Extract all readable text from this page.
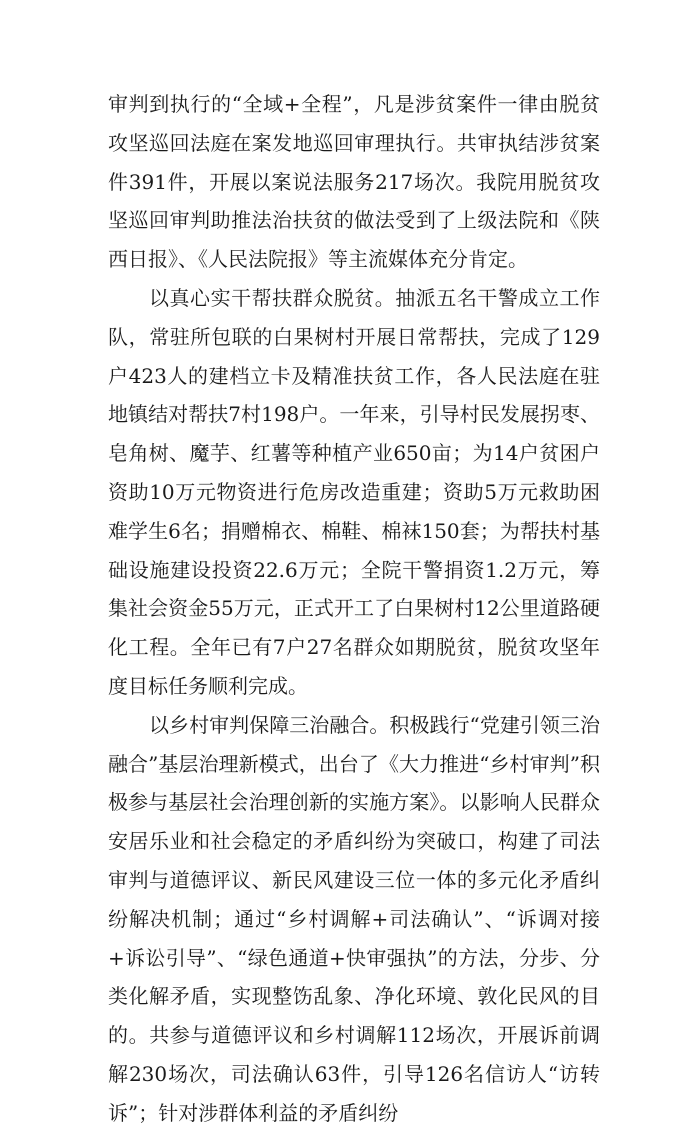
审判到执行的“全域+全程”，凡是涉贫案件一律由脱贫攻坚巡回法庭在案发地巡回审理执行。共审执结涉贫案件391件，开展以案说法服务217场次。我院用脱贫攻坚巡回审判助推法治扶贫的做法受到了上级法院和《陕西日报》、《人民法院报》等主流媒体充分肯定。

以真心实干帮扶群众脱贫。抽派五名干警成立工作队，常驻所包联的白果树村开展日常帮扶，完成了129户423人的建档立卡及精准扶贫工作，各人民法庭在驻地镇结对帮扶7村198户。一年来，引导村民发展拐枣、皂角树、魔芋、红薯等种植产业650亩；为14户贫困户资助10万元物资进行危房改造重建；资助5万元救助困难学生6名；捐赠棉衣、棉鞋、棉袜150套；为帮扶村基础设施建设投资22.6万元；全院干警捐资1.2万元，筹集社会资金55万元，正式开工了白果树村12公里道路硬化工程。全年已有7户27名群众如期脱贫，脱贫攻坚年度目标任务顺利完成。

以乡村审判保障三治融合。积极践行“党建引领三治融合”基层治理新模式，出台了《大力推进“乡村审判”积极参与基层社会治理创新的实施方案》。以影响人民群众安居乐业和社会稳定的矛盾纠纷为突破口，构建了司法审判与道德评议、新民风建设三位一体的多元化矛盾纠纷解决机制；通过“乡村调解+司法确认”、“诉调对接+诉讼引导”、“绿色通道+快审强执”的方法，分步、分类化解矛盾，实现整饬乱象、净化环境、敦化民风的目的。共参与道德评议和乡村调解112场次，开展诉前调解230场次，司法确认63件，引导126名信访人“访转诉”；针对涉群体利益的矛盾纠纷
